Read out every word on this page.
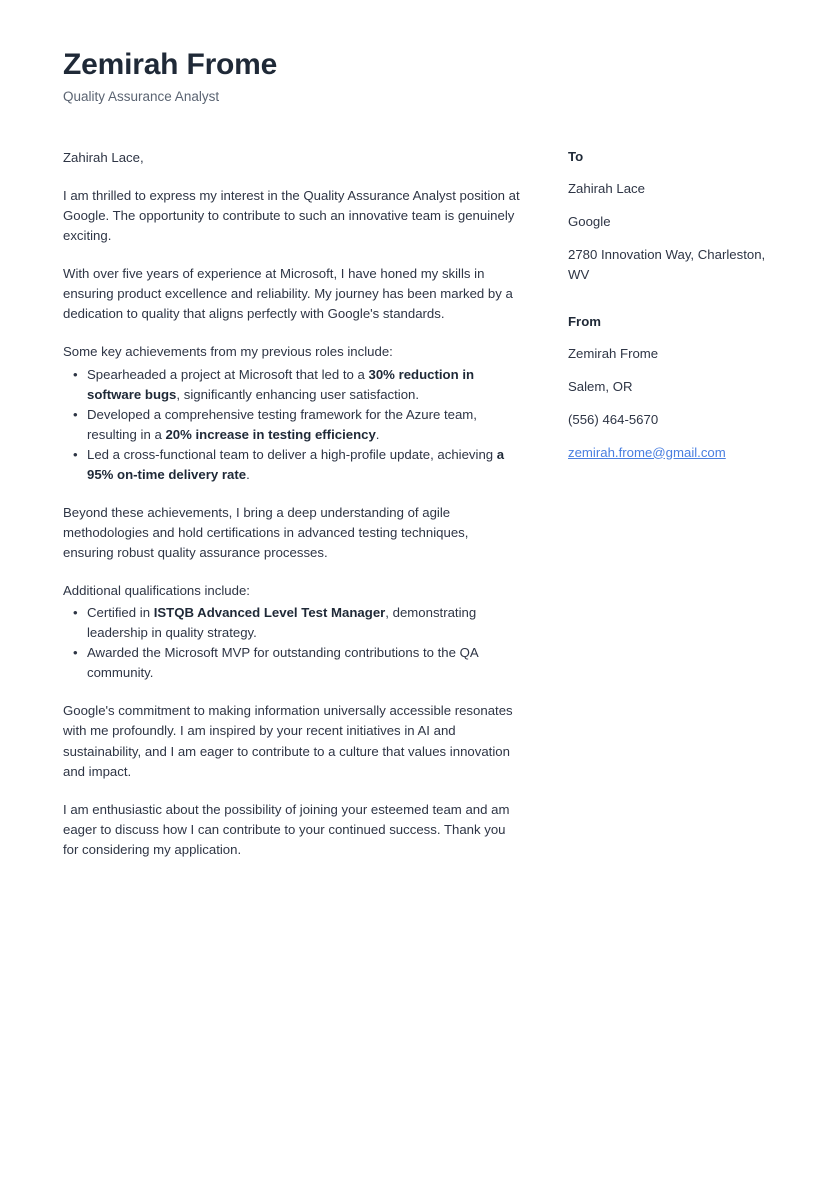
Zemirah Frome
Quality Assurance Analyst
Zahirah Lace,

I am thrilled to express my interest in the Quality Assurance Analyst position at Google. The opportunity to contribute to such an innovative team is genuinely exciting.

With over five years of experience at Microsoft, I have honed my skills in ensuring product excellence and reliability. My journey has been marked by a dedication to quality that aligns perfectly with Google's standards.

Some key achievements from my previous roles include:

• Spearheaded a project at Microsoft that led to a 30% reduction in software bugs, significantly enhancing user satisfaction.
• Developed a comprehensive testing framework for the Azure team, resulting in a 20% increase in testing efficiency.
• Led a cross-functional team to deliver a high-profile update, achieving a 95% on-time delivery rate.

Beyond these achievements, I bring a deep understanding of agile methodologies and hold certifications in advanced testing techniques, ensuring robust quality assurance processes.

Additional qualifications include:

• Certified in ISTQB Advanced Level Test Manager, demonstrating leadership in quality strategy.
• Awarded the Microsoft MVP for outstanding contributions to the QA community.

Google's commitment to making information universally accessible resonates with me profoundly. I am inspired by your recent initiatives in AI and sustainability, and I am eager to contribute to a culture that values innovation and impact.

I am enthusiastic about the possibility of joining your esteemed team and am eager to discuss how I can contribute to your continued success. Thank you for considering my application.

To
Zahirah Lace
Google
2780 Innovation Way, Charleston, WV
From
Zemirah Frome
Salem, OR
(556) 464-5670
zemirah.frome@gmail.com
